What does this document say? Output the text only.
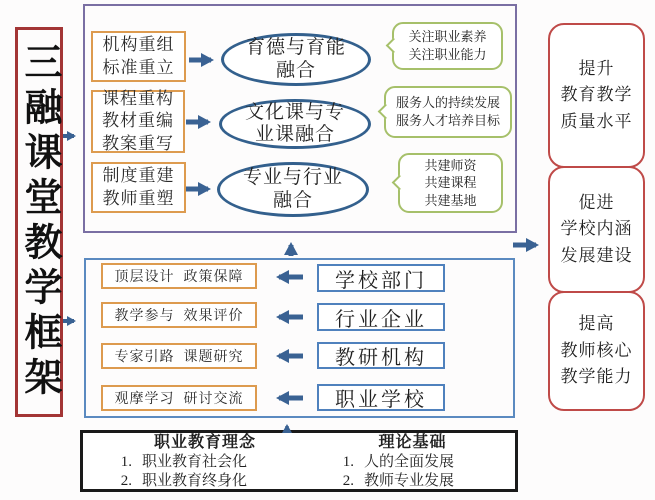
三融课堂教学框架	机构重组
标准重立
课程重构
教材重编
教案重写
制度重建
教师重塑
育德与育能
融合
文化课与专
业课融合
专业与行业
融合
关注职业素养
关注职业能力
服务人的持续发展
服务人才培养目标
共建师资
共建课程
共建基地
顶层设计  政策保障
教学参与  效果评价
专家引路  课题研究
观摩学习  研讨交流
学校部门
行业企业
教研机构
职业学校
职业教育理念
1. 职业教育社会化
2. 职业教育终身化
理论基础
1. 人的全面发展
2. 教师专业发展
提升
教育教学
质量水平
促进
学校内涵
发展建设
提高
教师核心
教学能力
